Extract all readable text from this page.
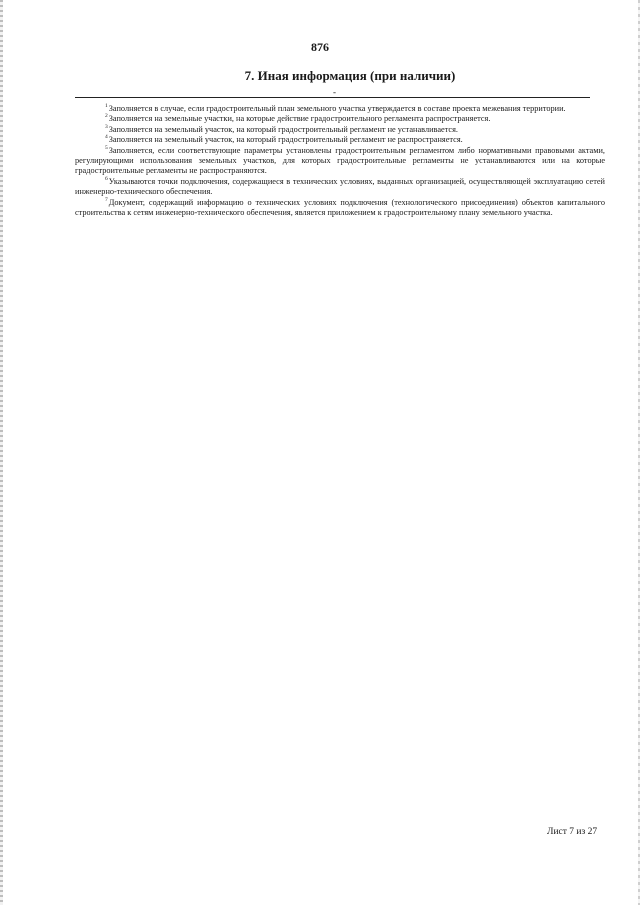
876
7. Иная информация (при наличии)
-

$^1$Заполняется в случае, если градостроительный план земельного участка утверждается в составе проекта межевания территории.

$^2$Заполняется на земельные участки, на которые действие градостроительного регламента распространяется.

$^3$Заполняется на земельный участок, на который градостроительный регламент не устанавливается.

$^4$Заполняется на земельный участок, на который градостроительный регламент не распространяется.

$^5$Заполняется, если соответствующие параметры установлены градостроительным регламентом либо нормативными правовыми актами, регулирующими использования земельных участков, для которых градостроительные регламенты не устанавливаются или на которые градостроительные регламенты не распространяются.

$^6$Указываются точки подключения, содержащиеся в технических условиях, выданных организацией, осуществляющей эксплуатацию сетей инженерно-технического обеспечения.

$^7$Документ, содержащий информацию о технических условиях подключения (технологического присоединения) объектов капитального строительства к сетям инженерно-технического обеспечения, является приложением к градостроительному плану земельного участка.

Лист 7 из 27
